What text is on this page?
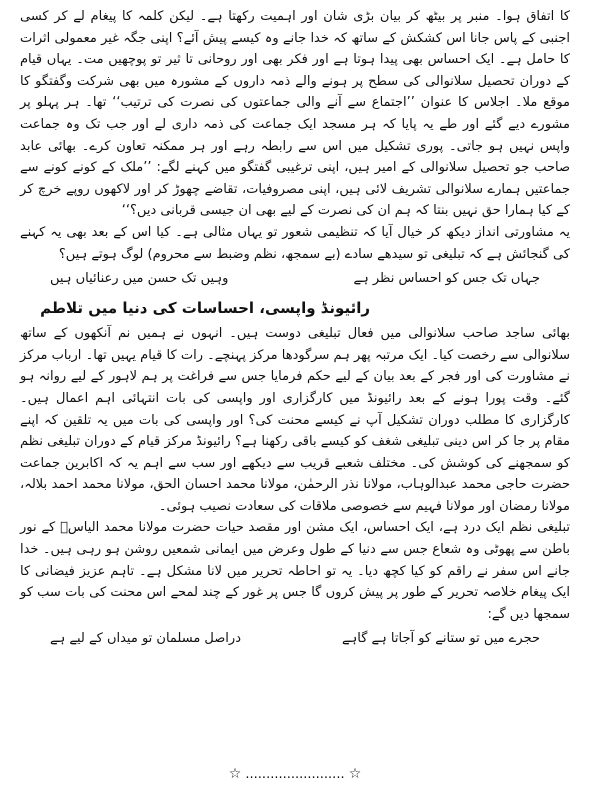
کا اتفاق ہوا۔ منبر پر بیٹھ کر بیان بڑی شان اور اہمیت رکھتا ہے۔ لیکن کلمہ کا پیغام لے کر کسی اجنبی کے پاس جانا اس کشکش کے ساتھ کہ خدا جانے وہ کیسے پیش آئے؟ اپنی جگہ غیر معمولی اثرات کا حامل ہے۔ ایک احساس بھی پیدا ہوتا ہے اور فکر بھی اور روحانی تا ثیر تو پوچھیں مت۔ یہاں قیام کے دوران تحصیل سلانوالی کی سطح پر ہونے والے ذمہ داروں کے مشورہ میں بھی شرکت وگفتگو کا موقع ملا۔ اجلاس کا عنوان ’’اجتماع سے آنے والی جماعتوں کی نصرت کی ترتیب‘‘ تھا۔ ہر پہلو پر مشورے دیے گئے اور طے یہ پایا کہ ہر مسجد ایک جماعت کی ذمہ داری لے اور جب تک وہ جماعت واپس نہیں ہو جاتی۔ پوری تشکیل میں اس سے رابطہ رہے اور ہر ممکنہ تعاون کرے۔ بھائی عابد صاحب جو تحصیل سلانوالی کے امیر ہیں، اپنی ترغیبی گفتگو میں کہنے لگے: ’’ملک کے کونے کونے سے جماعتیں ہمارے سلانوالی تشریف لائی ہیں، اپنی مصروفیات، تقاضے چھوڑ کر اور لاکھوں روپے خرچ کر کے کیا ہمارا حق نہیں بنتا کہ ہم ان کی نصرت کے لیے بھی ان جیسی قربانی دیں؟‘‘

یہ مشاورتی انداز دیکھ کر خیال آیا کہ تنظیمی شعور تو یہاں مثالی ہے۔ کیا اس کے بعد بھی یہ کہنے کی گنجائش ہے کہ تبلیغی تو سیدھے سادے (بے سمجھ، نظم وضبط سے محروم) لوگ ہوتے ہیں؟

جہاں تک جس کو احساس نظر ہے
وہیں تک حسن میں رعنائیاں ہیں
رائیونڈ واپسی، احساسات کی دنیا میں تلاطم

بھائی ساجد صاحب سلانوالی میں فعال تبلیغی دوست ہیں۔ انہوں نے ہمیں نم آنکھوں کے ساتھ سلانوالی سے رخصت کیا۔ ایک مرتبہ پھر ہم سرگودھا مرکز پہنچے۔ رات کا قیام یہیں تھا۔ ارباب مرکز نے مشاورت کی اور فجر کے بعد بیان کے لیے حکم فرمایا جس سے فراغت پر ہم لاہور کے لیے روانہ ہو گئے۔ وقت پورا ہونے کے بعد رائیونڈ میں کارگزاری اور واپسی کی بات انتہائی اہم اعمال ہیں۔ کارگزاری کا مطلب دوران تشکیل آپ نے کیسے محنت کی؟ اور واپسی کی بات میں یہ تلقین کہ اپنے مقام پر جا کر اس دینی تبلیغی شغف کو کیسے باقی رکھنا ہے؟ رائیونڈ مرکز قیام کے دوران تبلیغی نظم کو سمجھنے کی کوشش کی۔ مختلف شعبے قریب سے دیکھے اور سب سے اہم یہ کہ اکابرین جماعت حضرت حاجی محمد عبدالوہاب، مولانا نذر الرحمٰن، مولانا محمد احسان الحق، مولانا محمد احمد بلالہ، مولانا رمضان اور مولانا فہیم سے خصوصی ملاقات کی سعادت نصیب ہوئی۔

تبلیغی نظم ایک درد ہے، ایک احساس، ایک مشن اور مقصد حیات حضرت مولانا محمد الیاسؒ کے نور باطن سے پھوٹی وہ شعاع جس سے دنیا کے طول وعرض میں ایمانی شمعیں روشن ہو رہی ہیں۔ خدا جانے اس سفر نے راقم کو کیا کچھ دیا۔ یہ تو احاطہ تحریر میں لانا مشکل ہے۔ تاہم عزیز فیضانی کا ایک پیغام خلاصہ تحریر کے طور پر پیش کروں گا جس پر غور کے چند لمحے اس محنت کی بات سب کو سمجھا دیں گے:

حجرے میں تو ستانے کو آجاتا ہے گاہے
دراصل مسلمان تو میداں کے لیے ہے
☆ ........................ ☆
